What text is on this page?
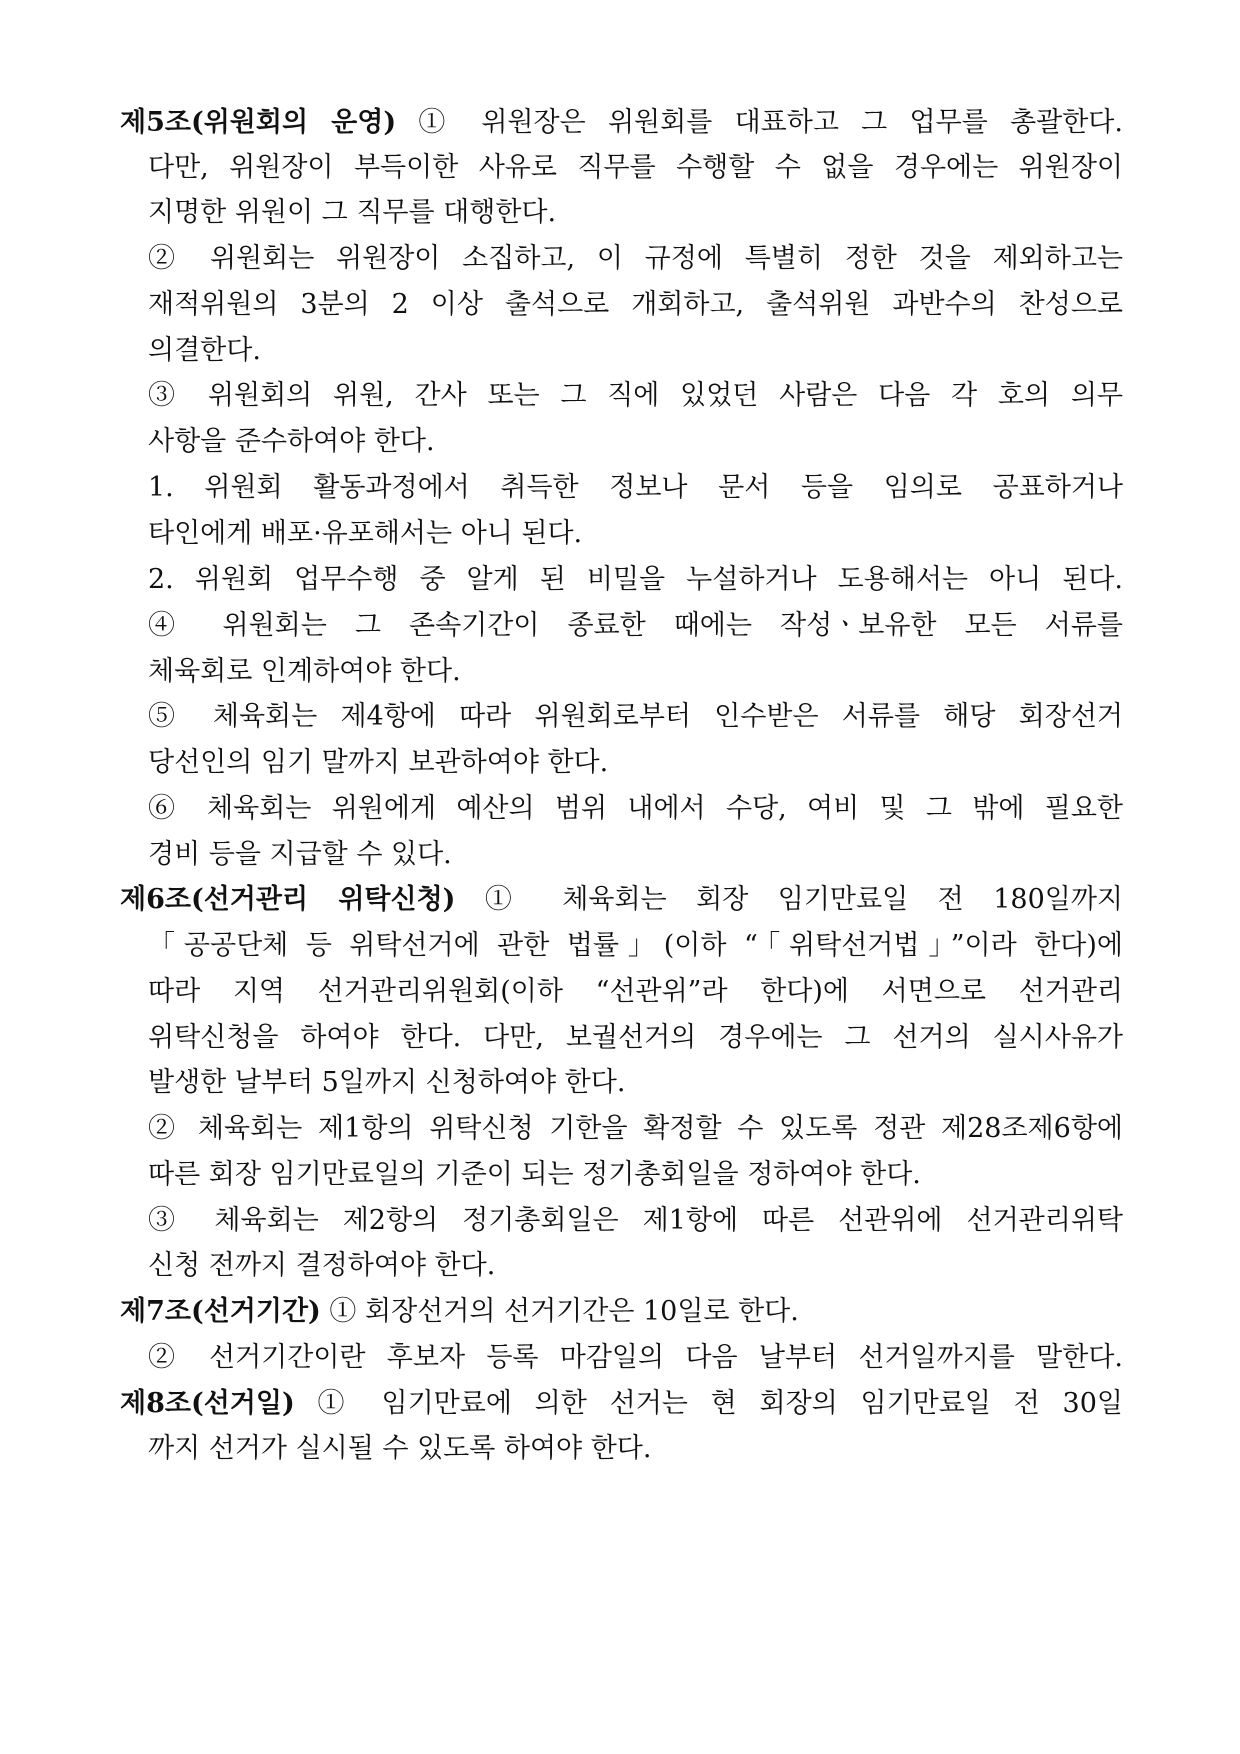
제5조(위원회의 운영) ① 위원장은 위원회를 대표하고 그 업무를 총괄한다.
다만, 위원장이 부득이한 사유로 직무를 수행할 수 없을 경우에는 위원장이
지명한 위원이 그 직무를 대행한다.
② 위원회는 위원장이 소집하고, 이 규정에 특별히 정한 것을 제외하고는
재적위원의 3분의 2 이상 출석으로 개회하고, 출석위원 과반수의 찬성으로
의결한다.
③ 위원회의 위원, 간사 또는 그 직에 있었던 사람은 다음 각 호의 의무
사항을 준수하여야 한다.
1. 위원회 활동과정에서 취득한 정보나 문서 등을 임의로 공표하거나
타인에게 배포·유포해서는 아니 된다.
2. 위원회 업무수행 중 알게 된 비밀을 누설하거나 도용해서는 아니 된다.
④ 위원회는 그 존속기간이 종료한 때에는 작성ㆍ보유한 모든 서류를
체육회로 인계하여야 한다.
⑤ 체육회는 제4항에 따라 위원회로부터 인수받은 서류를 해당 회장선거
당선인의 임기 말까지 보관하여야 한다.
⑥ 체육회는 위원에게 예산의 범위 내에서 수당, 여비 및 그 밖에 필요한
경비 등을 지급할 수 있다.
제6조(선거관리 위탁신청) ① 체육회는 회장 임기만료일 전 180일까지
「공공단체 등 위탁선거에 관한 법률」(이하 “「위탁선거법」”이라 한다)에
따라 지역 선거관리위원회(이하 “선관위”라 한다)에 서면으로 선거관리
위탁신청을 하여야 한다. 다만, 보궐선거의 경우에는 그 선거의 실시사유가
발생한 날부터 5일까지 신청하여야 한다.
② 체육회는 제1항의 위탁신청 기한을 확정할 수 있도록 정관 제28조제6항에
따른 회장 임기만료일의 기준이 되는 정기총회일을 정하여야 한다.
③ 체육회는 제2항의 정기총회일은 제1항에 따른 선관위에 선거관리위탁
신청 전까지 결정하여야 한다.
제7조(선거기간) ① 회장선거의 선거기간은 10일로 한다.
② 선거기간이란 후보자 등록 마감일의 다음 날부터 선거일까지를 말한다.
제8조(선거일) ① 임기만료에 의한 선거는 현 회장의 임기만료일 전 30일
까지 선거가 실시될 수 있도록 하여야 한다.
